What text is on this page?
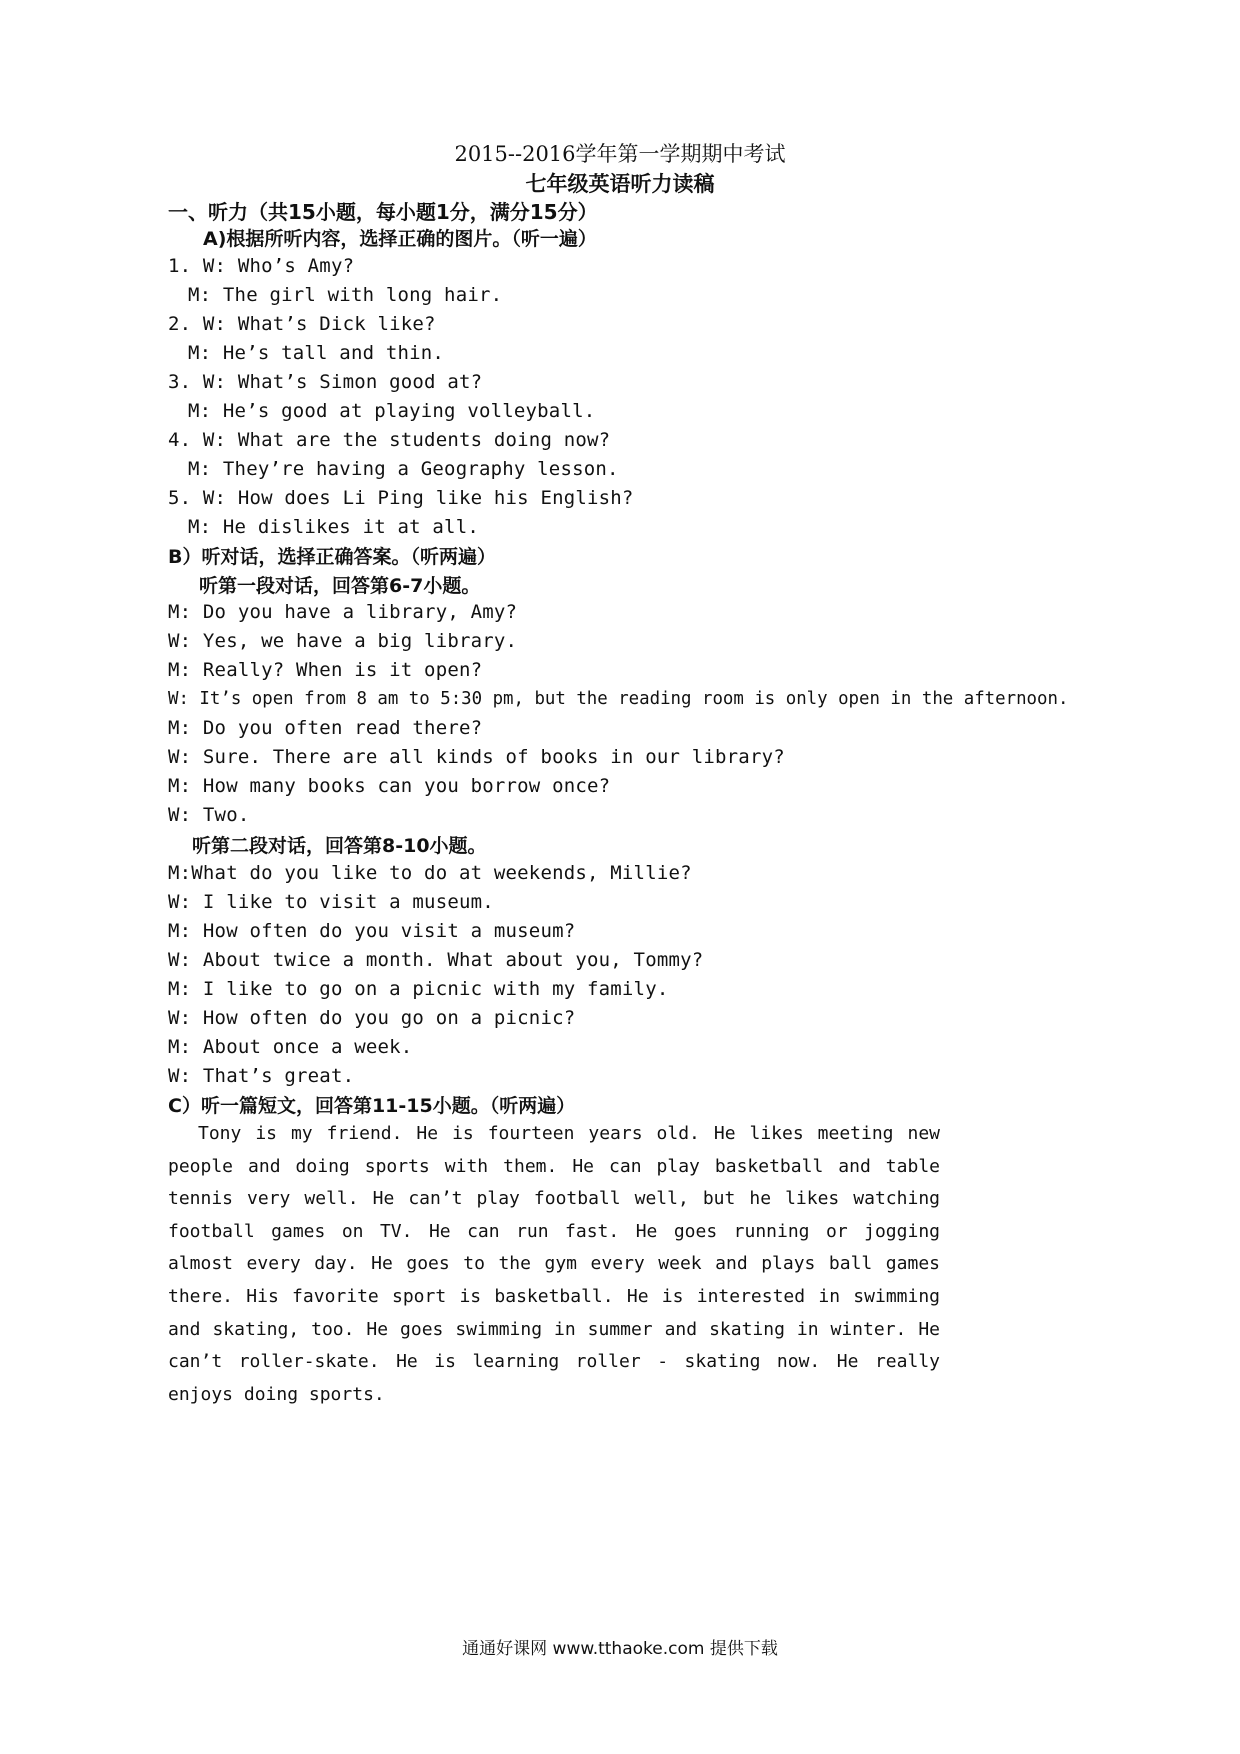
2015--2016学年第一学期期中考试
七年级英语听力读稿
一、听力（共15小题，每小题1分，满分15分）
A)根据所听内容，选择正确的图片。（听一遍）
1. W: Who’s Amy?
M: The girl with long hair.
2. W: What’s Dick like?
M: He’s tall and thin.
3. W: What’s Simon good at?
M: He’s good at playing volleyball.
4. W: What are the students doing now?
M: They’re having a Geography lesson.
5. W: How does Li Ping like his English?
M: He dislikes it at all.
B）听对话，选择正确答案。（听两遍）
听第一段对话，回答第6-7小题。
M: Do you have a library, Amy?
W: Yes, we have a big library.
M: Really? When is it open?
W: It’s open from 8 am to 5:30 pm, but the reading room is only open in the afternoon.
M: Do you often read there?
W: Sure. There are all kinds of books in our library?
M: How many books can you borrow once?
W: Two.
听第二段对话，回答第8-10小题。
M:What do you like to do at weekends, Millie?
W: I like to visit a museum.
M: How often do you visit a museum?
W: About twice a month. What about you, Tommy?
M: I like to go on a picnic with my family.
W: How often do you go on a picnic?
M: About once a week.
W: That’s great.
C）听一篇短文，回答第11-15小题。（听两遍）
Tony is my friend. He is fourteen years old. He likes meeting new people and doing sports with them. He can play basketball and table tennis very well. He can’t play football well, but he likes watching football games on TV. He can run fast. He goes running or jogging almost every day. He goes to the gym every week and plays ball games there. His favorite sport is basketball. He is interested in swimming and skating, too. He goes swimming in summer and skating in winter. He can’t roller-skate. He is learning roller - skating now. He really enjoys doing sports.
通通好课网 www.tthaoke.com 提供下载
